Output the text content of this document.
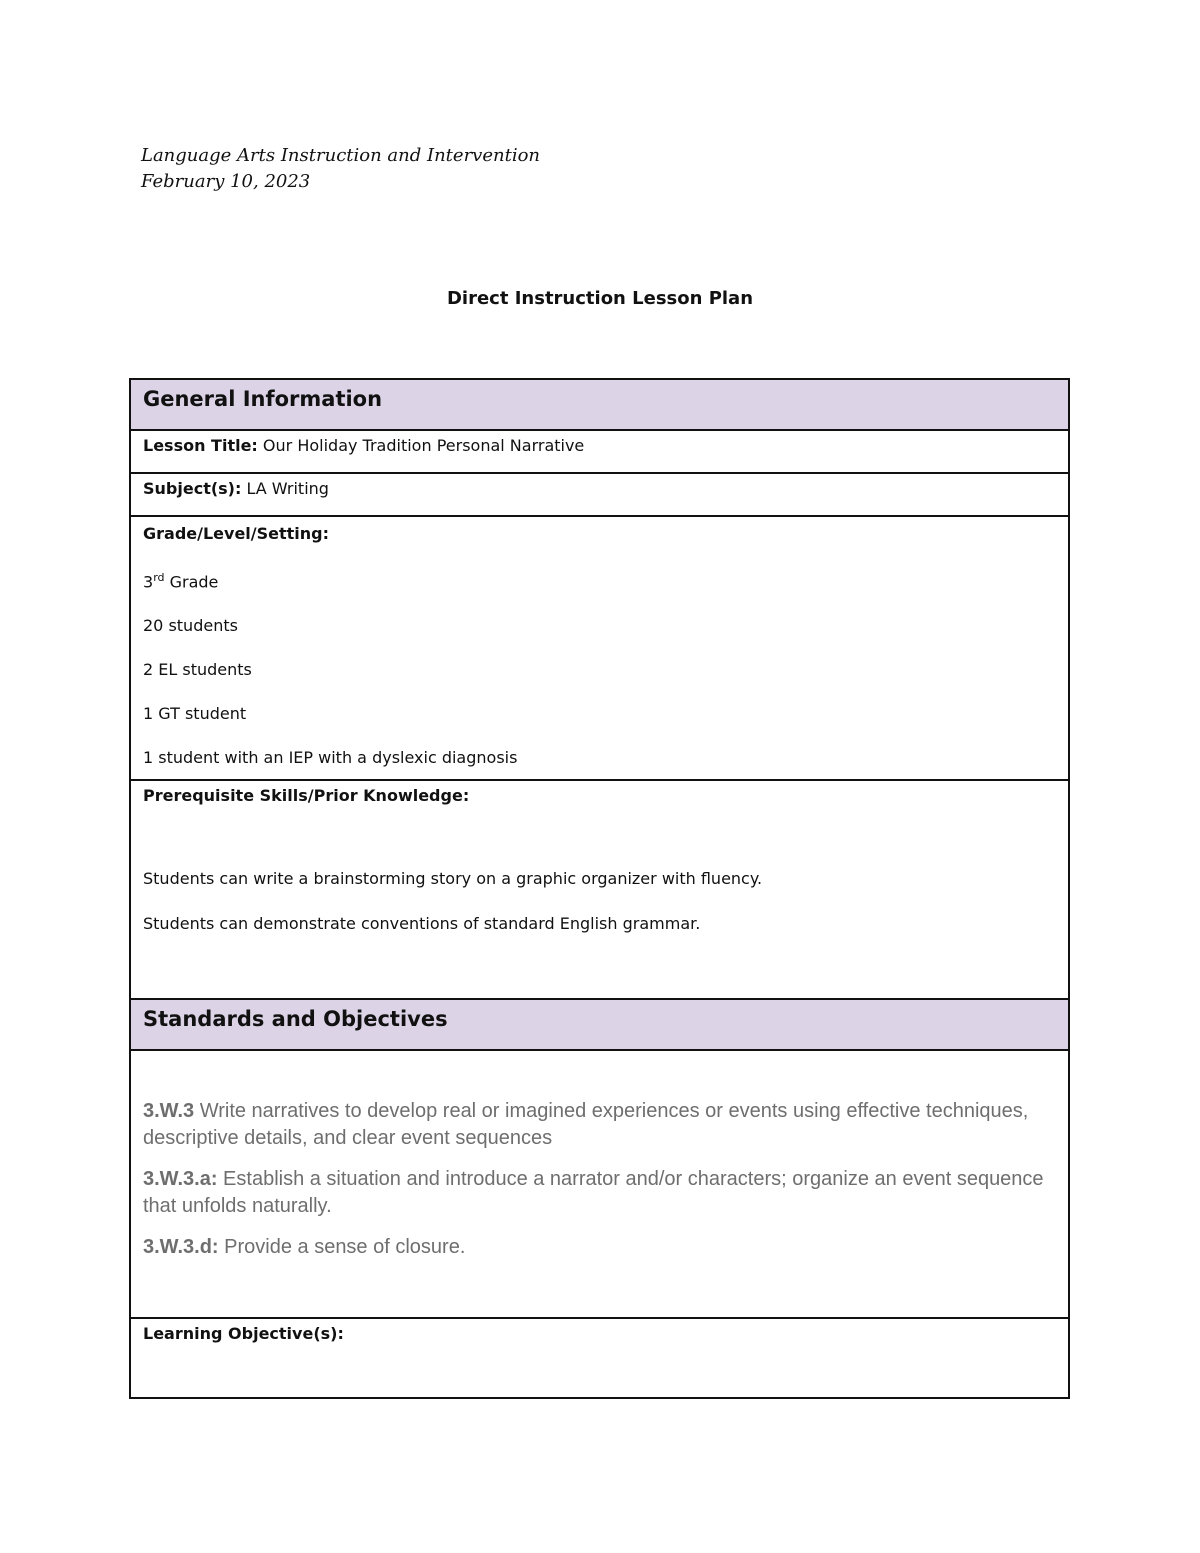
Language Arts Instruction and Intervention
February 10, 2023
Direct Instruction Lesson Plan
General Information
Lesson Title: Our Holiday Tradition Personal Narrative
Subject(s): LA Writing

Grade/Level/Setting:

3rd Grade

20 students

2 EL students

1 GT student

1 student with an IEP with a dyslexic diagnosis

Prerequisite Skills/Prior Knowledge:

Students can write a brainstorming story on a graphic organizer with fluency.

Students can demonstrate conventions of standard English grammar.

Standards and Objectives

3.W.3 Write narratives to develop real or imagined experiences or events using effective techniques, descriptive details, and clear event sequences

3.W.3.a: Establish a situation and introduce a narrator and/or characters; organize an event sequence that unfolds naturally.

3.W.3.d: Provide a sense of closure.

Learning Objective(s):
